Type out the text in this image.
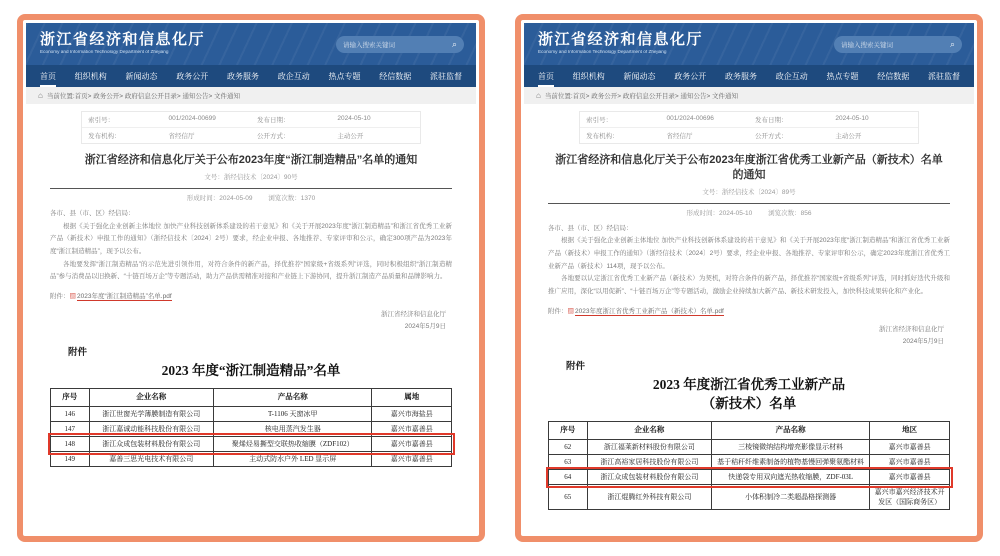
浙江省经济和信息化厅
Economy and Information Technology Department of Zhejiang
请输入搜索关键词	⌕
首页 组织机构 新闻动态 政务公开 政务服务 政企互动 热点专题 经信数据 派驻监督
⌂ 当前位置:首页> 政务公开> 政府信息公开目录> 通知公告> 文件通知
索引号：	001/2024-00699	发布日期：	2024-05-10
发布机构：	省经信厅	公开方式：	主动公开
浙江省经济和信息化厅关于公布2023年度“浙江制造精品”名单的通知
文号：浙经信技术〔2024〕90号
形成时间：2024-05-09 浏览次数：1370

各市、县（市、区）经信局：

根据《关于强化企业创新主体地位 加快产业科技创新体系建设的若干意见》和《关于开展2023年度“浙江制造精品”和浙江省优秀工业新产品（新技术）申报工作的通知》（浙经信技术〔2024〕2号）要求，经企业申报、各地推荐、专家评审和公示，确定300项产品为2023年度“浙江制造精品”，现予以公布。

各地要发挥“浙江制造精品”的示范先进引领作用，对符合条件的新产品，择优推荐“国家级+省级系列”评选，同时积极组织“浙江制造精品”参与消费品以旧换新、“十链百场万企”等专题活动，助力产品供需精准对接和产业链上下游协同，提升浙江制造产品质量和品牌影响力。

附件：▨2023年度“浙江制造精品”名单.pdf
浙江省经济和信息化厅
2024年5月9日
附件
2023 年度“浙江制造精品”名单
序号	企业名称	产品名称	属地
146	浙江世窗光学薄膜制造有限公司	T-1106 天窗冰甲	嘉兴市海盐县
147	浙江嘉诚动能科技股份有限公司	核电用蒸汽发生器	嘉兴市嘉善县
148	浙江众成包装材料股份有限公司	聚烯烃易撕型交联热收缩膜（ZDF102）	嘉兴市嘉善县
149	嘉善三思光电技术有限公司	主动式防水户外 LED 显示屏	嘉兴市嘉善县
浙江省经济和信息化厅
Economy and Information Technology Department of Zhejiang
请输入搜索关键词	⌕
首页 组织机构 新闻动态 政务公开 政务服务 政企互动 热点专题 经信数据 派驻监督
⌂ 当前位置:首页> 政务公开> 政府信息公开目录> 通知公告> 文件通知
索引号：	001/2024-00696	发布日期：	2024-05-10
发布机构：	省经信厅	公开方式：	主动公开
浙江省经济和信息化厅关于公布2023年度浙江省优秀工业新产品（新技术）名单的通知
文号：浙经信技术〔2024〕89号
形成时间：2024-05-10 浏览次数：856

各市、县（市、区）经信局：

根据《关于强化企业创新主体地位 加快产业科技创新体系建设的若干意见》和《关于开展2023年度“浙江制造精品”和浙江省优秀工业新产品（新技术）申报工作的通知》（浙经信技术〔2024〕2号）要求，经企业申报、各地推荐、专家评审和公示，确定2023年度浙江省优秀工业新产品（新技术）114项，现予以公布。

各地要以认定浙江省优秀工业新产品（新技术）为契机，对符合条件的新产品，择优推荐“国家级+省级系列”评选，同时抓好迭代升级和推广应用，深化“以用促新”、“十链百场万企”等专题活动，激励企业持续加大新产品、新技术研发投入，加快科技成果转化和产业化。

附件：▨2023年度浙江省优秀工业新产品（新技术）名单.pdf
浙江省经济和信息化厅
2024年5月9日
附件
2023 年度浙江省优秀工业新产品
（新技术）名单
序号	企业名称	产品名称	地区
62	浙江福莱新材料股份有限公司	三棱镜微纳结构增亮影像显示材料	嘉兴市嘉善县
63	浙江高裕家居科技股份有限公司	基于秸秆纤维素制备的植物基慢回弹聚氨酯材料	嘉兴市嘉善县
64	浙江众成包装材料股份有限公司	快递袋专用双向遮光热收缩膜，ZDF-03L	嘉兴市嘉善县
65	浙江焜腾红外科技有限公司	小体积制冷二类超晶格探测器	嘉兴市嘉兴经济技术开发区（国际商务区）
